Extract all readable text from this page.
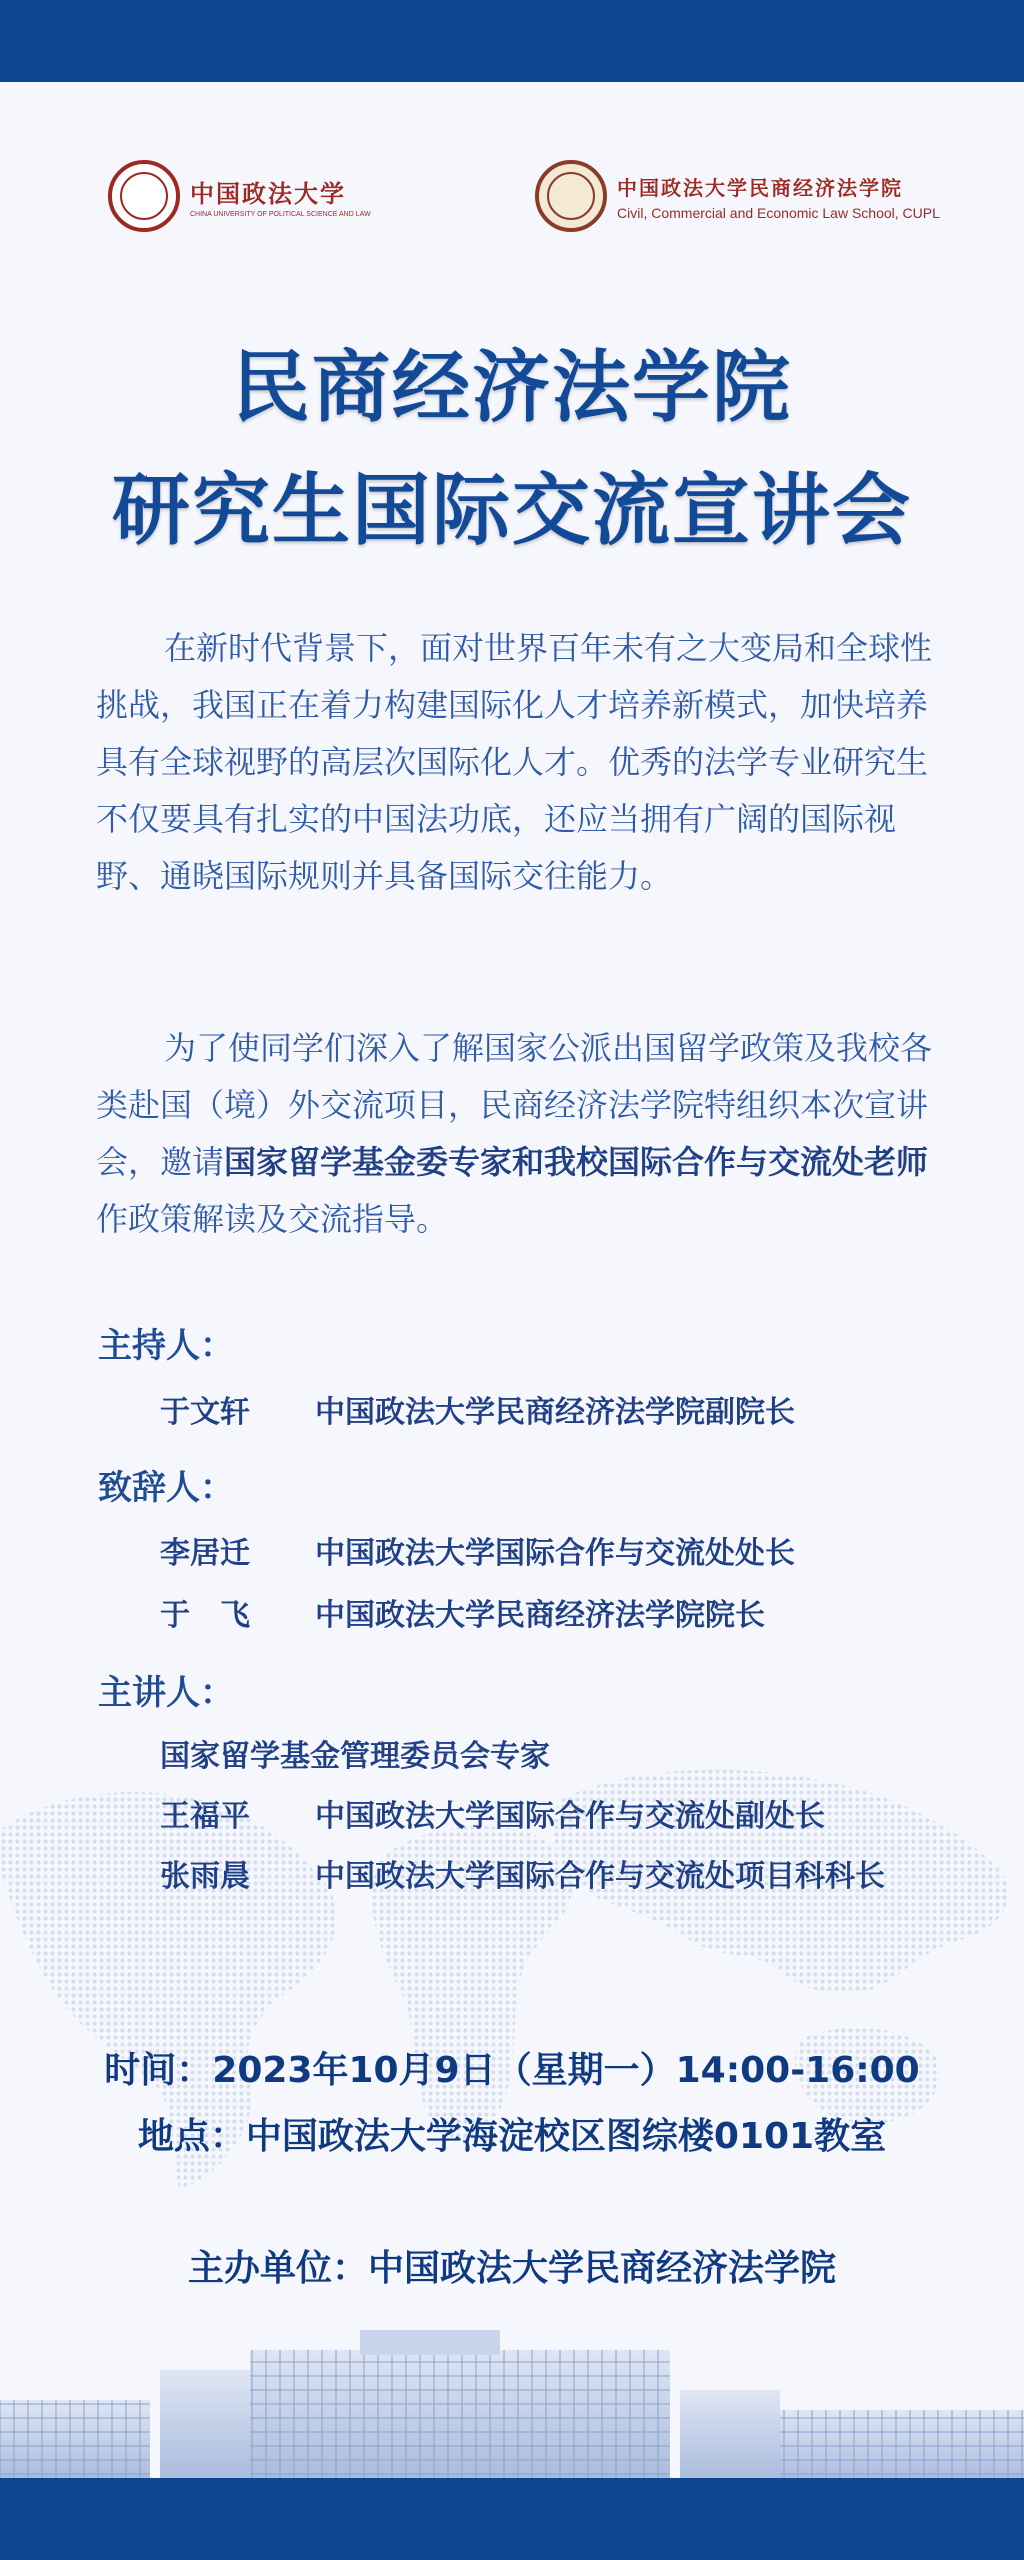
中国政法大学
CHINA UNIVERSITY OF POLITICAL SCIENCE AND LAW
中国政法大学民商经济法学院
Civil, Commercial and Economic Law School, CUPL
民商经济法学院
研究生国际交流宣讲会

在新时代背景下，面对世界百年未有之大变局和全球性挑战，我国正在着力构建国际化人才培养新模式，加快培养具有全球视野的高层次国际化人才。优秀的法学专业研究生不仅要具有扎实的中国法功底，还应当拥有广阔的国际视野、通晓国际规则并具备国际交往能力。

为了使同学们深入了解国家公派出国留学政策及我校各类赴国（境）外交流项目，民商经济法学院特组织本次宣讲会，邀请国家留学基金委专家和我校国际合作与交流处老师作政策解读及交流指导。

主持人：
于文轩 中国政法大学民商经济法学院副院长
致辞人：
李居迁 中国政法大学国际合作与交流处处长
于　飞 中国政法大学民商经济法学院院长
主讲人：
国家留学基金管理委员会专家
王福平 中国政法大学国际合作与交流处副处长
张雨晨 中国政法大学国际合作与交流处项目科科长
时间：2023年10月9日（星期一）14:00-16:00
地点：中国政法大学海淀校区图综楼0101教室
主办单位：中国政法大学民商经济法学院
